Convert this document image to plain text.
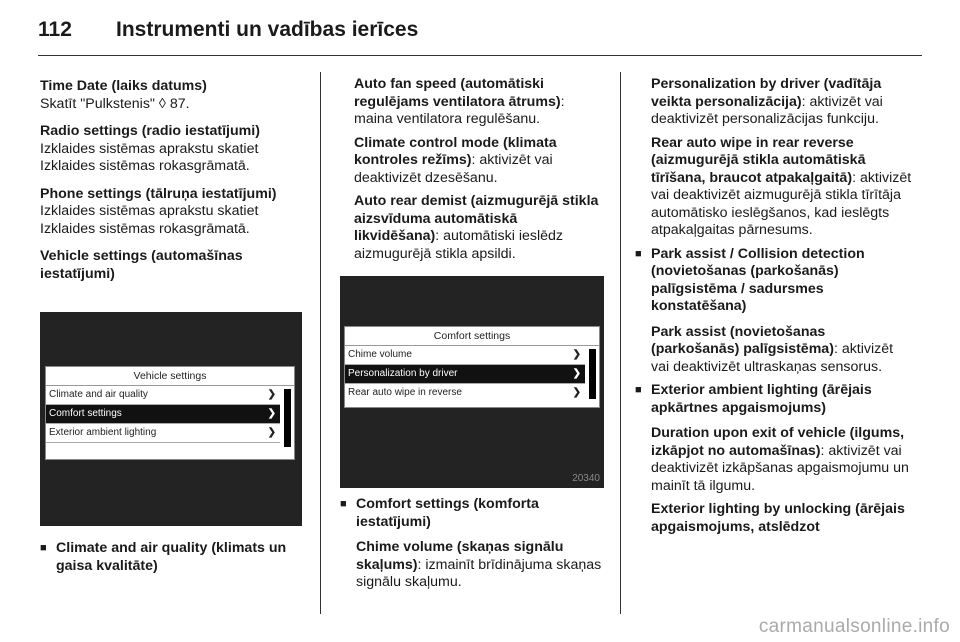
112	Instrumenti un vadības ierīces

Time Date (laiks datums)
Skatīt "Pulkstenis" ◊ 87.

Radio settings (radio iestatījumi)
Izklaides sistēmas aprakstu skatiet Izklaides sistēmas rokasgrāmatā.

Phone settings (tālruņa iestatījumi)
Izklaides sistēmas aprakstu skatiet Izklaides sistēmas rokasgrāmatā.

Vehicle settings (automašīnas iestatījumi)

Vehicle settings
Climate and air quality	❯
Comfort settings	❯
Exterior ambient lighting	❯
■ Climate and air quality (klimats un gaisa kvalitāte)

Auto fan speed (automātiski regulējams ventilatora ātrums): maina ventilatora regulēšanu.

Climate control mode (klimata kontroles režīms): aktivizēt vai deaktivizēt dzesēšanu.

Auto rear demist (aizmugurējā stikla aizsvīduma automātiskā likvidēšana): automātiski ieslēdz aizmugurējā stikla apsildi.

Comfort settings
Chime volume	❯
Personalization by driver	❯
Rear auto wipe in reverse	❯
20340
■ Comfort settings (komforta iestatījumi)

Chime volume (skaņas signālu skaļums): izmainīt brīdinājuma skaņas signālu skaļumu.

Personalization by driver (vadītāja veikta personalizācija): aktivizēt vai deaktivizēt personalizācijas funkciju.

Rear auto wipe in rear reverse (aizmugurējā stikla automātiskā tīrīšana, braucot atpakaļgaitā): aktivizēt vai deaktivizēt aizmugurējā stikla tīrītāja automātisko ieslēgšanos, kad ieslēgts atpakaļgaitas pārnesums.

■ Park assist / Collision detection (novietošanas (parkošanās) palīgsistēma / sadursmes konstatēšana)

Park assist (novietošanas (parkošanās) palīgsistēma): aktivizēt vai deaktivizēt ultraskaņas sensorus.

■ Exterior ambient lighting (ārējais apkārtnes apgaismojums)

Duration upon exit of vehicle (ilgums, izkāpjot no automašīnas): aktivizēt vai deaktivizēt izkāpšanas apgaismojumu un mainīt tā ilgumu.

Exterior lighting by unlocking (ārējais apgaismojums, atslēdzot

carmanualsonline.info
